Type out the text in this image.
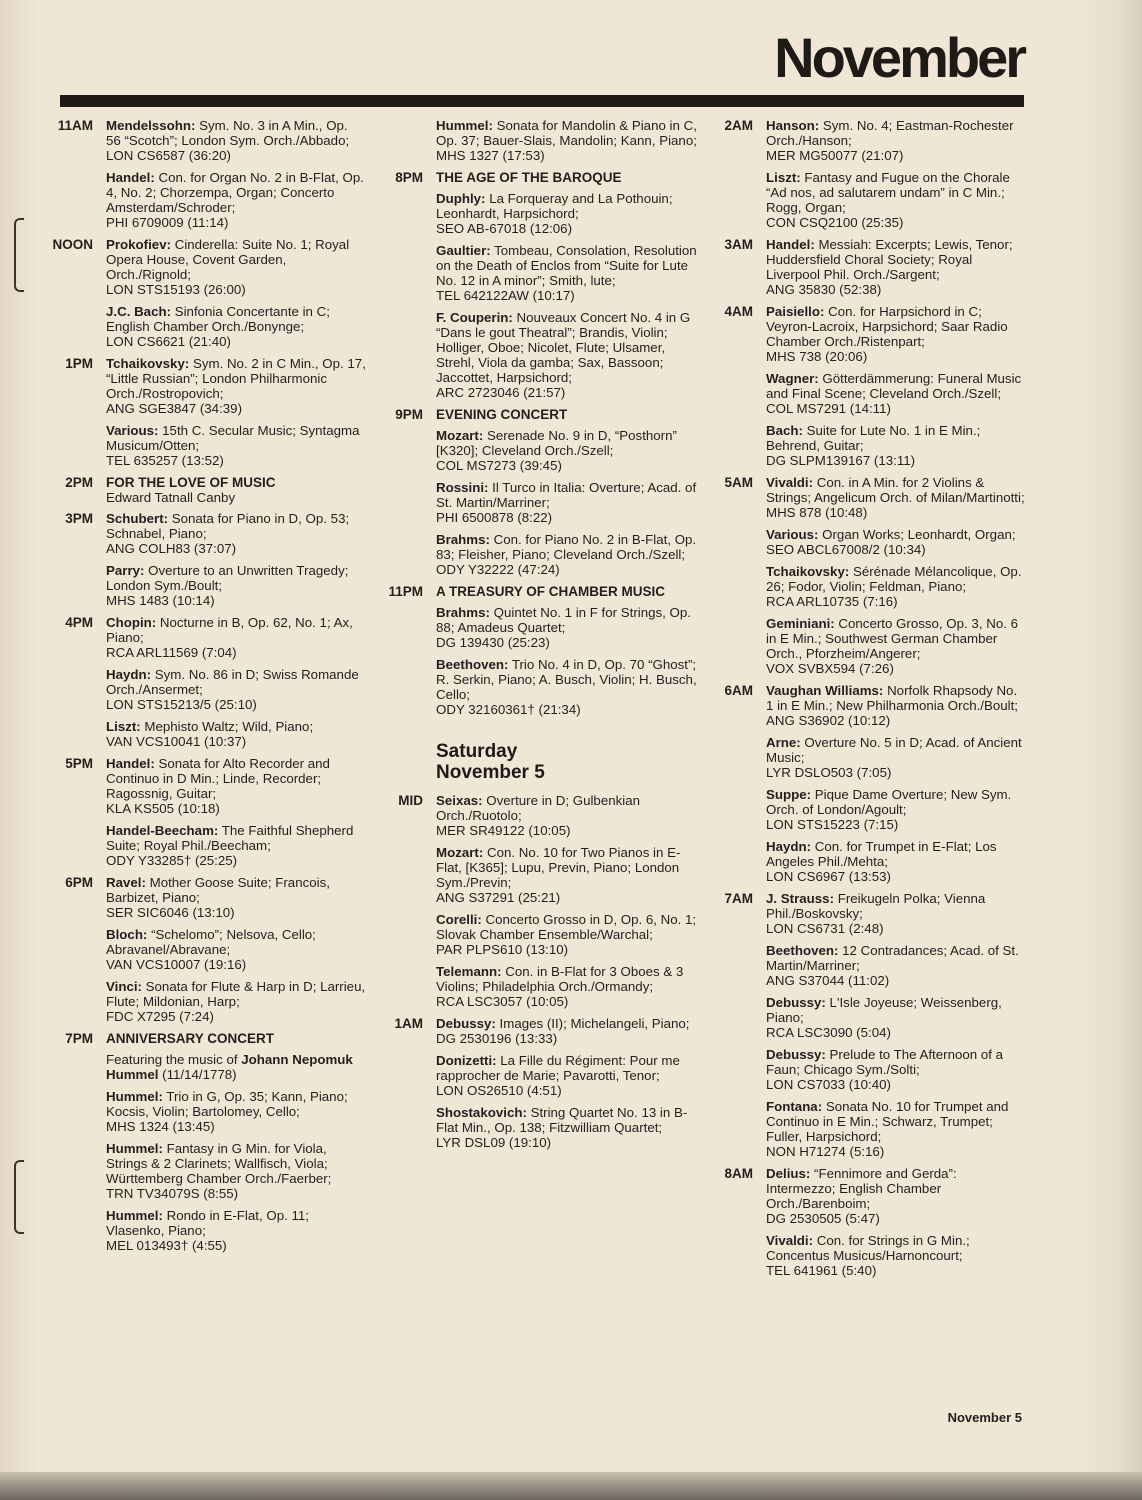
November
11AM Mendelssohn: Sym. No. 3 in A Min., Op. 56 “Scotch”; London Sym. Orch./Abbado;
LON CS6587 (36:20)
Handel: Con. for Organ No. 2 in B-Flat, Op. 4, No. 2; Chorzempa, Organ; Concerto Amsterdam/Schroder;
PHI 6709009 (11:14)
NOON Prokofiev: Cinderella: Suite No. 1; Royal Opera House, Covent Garden, Orch./Rignold;
LON STS15193 (26:00)
J.C. Bach: Sinfonia Concertante in C; English Chamber Orch./Bonynge;
LON CS6621 (21:40)
1PM Tchaikovsky: Sym. No. 2 in C Min., Op. 17, “Little Russian”; London Philharmonic Orch./Rostropovich;
ANG SGE3847 (34:39)
Various: 15th C. Secular Music; Syntagma Musicum/Otten;
TEL 635257 (13:52)
2PM FOR THE LOVE OF MUSIC
Edward Tatnall Canby
3PM Schubert: Sonata for Piano in D, Op. 53; Schnabel, Piano;
ANG COLH83 (37:07)
Parry: Overture to an Unwritten Tragedy; London Sym./Boult;
MHS 1483 (10:14)
4PM Chopin: Nocturne in B, Op. 62, No. 1; Ax, Piano;
RCA ARL11569 (7:04)
Haydn: Sym. No. 86 in D; Swiss Romande Orch./Ansermet;
LON STS15213/5 (25:10)
Liszt: Mephisto Waltz; Wild, Piano;
VAN VCS10041 (10:37)
5PM Handel: Sonata for Alto Recorder and Continuo in D Min.; Linde, Recorder; Ragossnig, Guitar;
KLA KS505 (10:18)
Handel-Beecham: The Faithful Shepherd Suite; Royal Phil./Beecham;
ODY Y33285† (25:25)
6PM Ravel: Mother Goose Suite; Francois, Barbizet, Piano;
SER SIC6046 (13:10)
Bloch: “Schelomo”; Nelsova, Cello; Abravanel/Abravane;
VAN VCS10007 (19:16)
Vinci: Sonata for Flute & Harp in D; Larrieu, Flute; Mildonian, Harp;
FDC X7295 (7:24)
7PM ANNIVERSARY CONCERT
Featuring the music of Johann Nepomuk Hummel (11/14/1778)
Hummel: Trio in G, Op. 35; Kann, Piano; Kocsis, Violin; Bartolomey, Cello;
MHS 1324 (13:45)
Hummel: Fantasy in G Min. for Viola, Strings & 2 Clarinets; Wallfisch, Viola; Württemberg Chamber Orch./Faerber;
TRN TV34079S (8:55)
Hummel: Rondo in E-Flat, Op. 11; Vlasenko, Piano;
MEL 013493† (4:55)
Hummel: Sonata for Mandolin & Piano in C, Op. 37; Bauer-Slais, Mandolin; Kann, Piano;
MHS 1327 (17:53)
8PM THE AGE OF THE BAROQUE
Duphly: La Forqueray and La Pothouin; Leonhardt, Harpsichord;
SEO AB-67018 (12:06)
Gaultier: Tombeau, Consolation, Resolution on the Death of Enclos from “Suite for Lute No. 12 in A minor”; Smith, lute;
TEL 642122AW (10:17)
F. Couperin: Nouveaux Concert No. 4 in G “Dans le gout Theatral”; Brandis, Violin; Holliger, Oboe; Nicolet, Flute; Ulsamer, Strehl, Viola da gamba; Sax, Bassoon; Jaccottet, Harpsichord;
ARC 2723046 (21:57)
9PM EVENING CONCERT
Mozart: Serenade No. 9 in D, “Posthorn” [K320]; Cleveland Orch./Szell;
COL MS7273 (39:45)
Rossini: Il Turco in Italia: Overture; Acad. of St. Martin/Marriner;
PHI 6500878 (8:22)
Brahms: Con. for Piano No. 2 in B-Flat, Op. 83; Fleisher, Piano; Cleveland Orch./Szell;
ODY Y32222 (47:24)
11PM A TREASURY OF CHAMBER MUSIC
Brahms: Quintet No. 1 in F for Strings, Op. 88; Amadeus Quartet;
DG 139430 (25:23)
Beethoven: Trio No. 4 in D, Op. 70 “Ghost”; R. Serkin, Piano; A. Busch, Violin; H. Busch, Cello;
ODY 32160361† (21:34)
Saturday
November 5
MID Seixas: Overture in D; Gulbenkian Orch./Ruotolo;
MER SR49122 (10:05)
Mozart: Con. No. 10 for Two Pianos in E-Flat, [K365]; Lupu, Previn, Piano; London Sym./Previn;
ANG S37291 (25:21)
Corelli: Concerto Grosso in D, Op. 6, No. 1; Slovak Chamber Ensemble/Warchal;
PAR PLPS610 (13:10)
Telemann: Con. in B-Flat for 3 Oboes & 3 Violins; Philadelphia Orch./Ormandy;
RCA LSC3057 (10:05)
1AM Debussy: Images (II); Michelangeli, Piano;
DG 2530196 (13:33)
Donizetti: La Fille du Régiment: Pour me rapprocher de Marie; Pavarotti, Tenor;
LON OS26510 (4:51)
Shostakovich: String Quartet No. 13 in B-Flat Min., Op. 138; Fitzwilliam Quartet;
LYR DSL09 (19:10)
2AM Hanson: Sym. No. 4; Eastman-Rochester Orch./Hanson;
MER MG50077 (21:07)
Liszt: Fantasy and Fugue on the Chorale “Ad nos, ad salutarem undam” in C Min.; Rogg, Organ;
CON CSQ2100 (25:35)
3AM Handel: Messiah: Excerpts; Lewis, Tenor; Huddersfield Choral Society; Royal Liverpool Phil. Orch./Sargent;
ANG 35830 (52:38)
4AM Paisiello: Con. for Harpsichord in C; Veyron-Lacroix, Harpsichord; Saar Radio Chamber Orch./Ristenpart;
MHS 738 (20:06)
Wagner: Götterdämmerung: Funeral Music and Final Scene; Cleveland Orch./Szell;
COL MS7291 (14:11)
Bach: Suite for Lute No. 1 in E Min.; Behrend, Guitar;
DG SLPM139167 (13:11)
5AM Vivaldi: Con. in A Min. for 2 Violins & Strings; Angelicum Orch. of Milan/Martinotti;
MHS 878 (10:48)
Various: Organ Works; Leonhardt, Organ;
SEO ABCL67008/2 (10:34)
Tchaikovsky: Sérénade Mélancolique, Op. 26; Fodor, Violin; Feldman, Piano;
RCA ARL10735 (7:16)
Geminiani: Concerto Grosso, Op. 3, No. 6 in E Min.; Southwest German Chamber Orch., Pforzheim/Angerer;
VOX SVBX594 (7:26)
6AM Vaughan Williams: Norfolk Rhapsody No. 1 in E Min.; New Philharmonia Orch./Boult;
ANG S36902 (10:12)
Arne: Overture No. 5 in D; Acad. of Ancient Music;
LYR DSLO503 (7:05)
Suppe: Pique Dame Overture; New Sym. Orch. of London/Agoult;
LON STS15223 (7:15)
Haydn: Con. for Trumpet in E-Flat; Los Angeles Phil./Mehta;
LON CS6967 (13:53)
7AM J. Strauss: Freikugeln Polka; Vienna Phil./Boskovsky;
LON CS6731 (2:48)
Beethoven: 12 Contradances; Acad. of St. Martin/Marriner;
ANG S37044 (11:02)
Debussy: L'Isle Joyeuse; Weissenberg, Piano;
RCA LSC3090 (5:04)
Debussy: Prelude to The Afternoon of a Faun; Chicago Sym./Solti;
LON CS7033 (10:40)
Fontana: Sonata No. 10 for Trumpet and Continuo in E Min.; Schwarz, Trumpet; Fuller, Harpsichord;
NON H71274 (5:16)
8AM Delius: “Fennimore and Gerda”: Intermezzo; English Chamber Orch./Barenboim;
DG 2530505 (5:47)
Vivaldi: Con. for Strings in G Min.; Concentus Musicus/Harnoncourt;
TEL 641961 (5:40)
November 5
